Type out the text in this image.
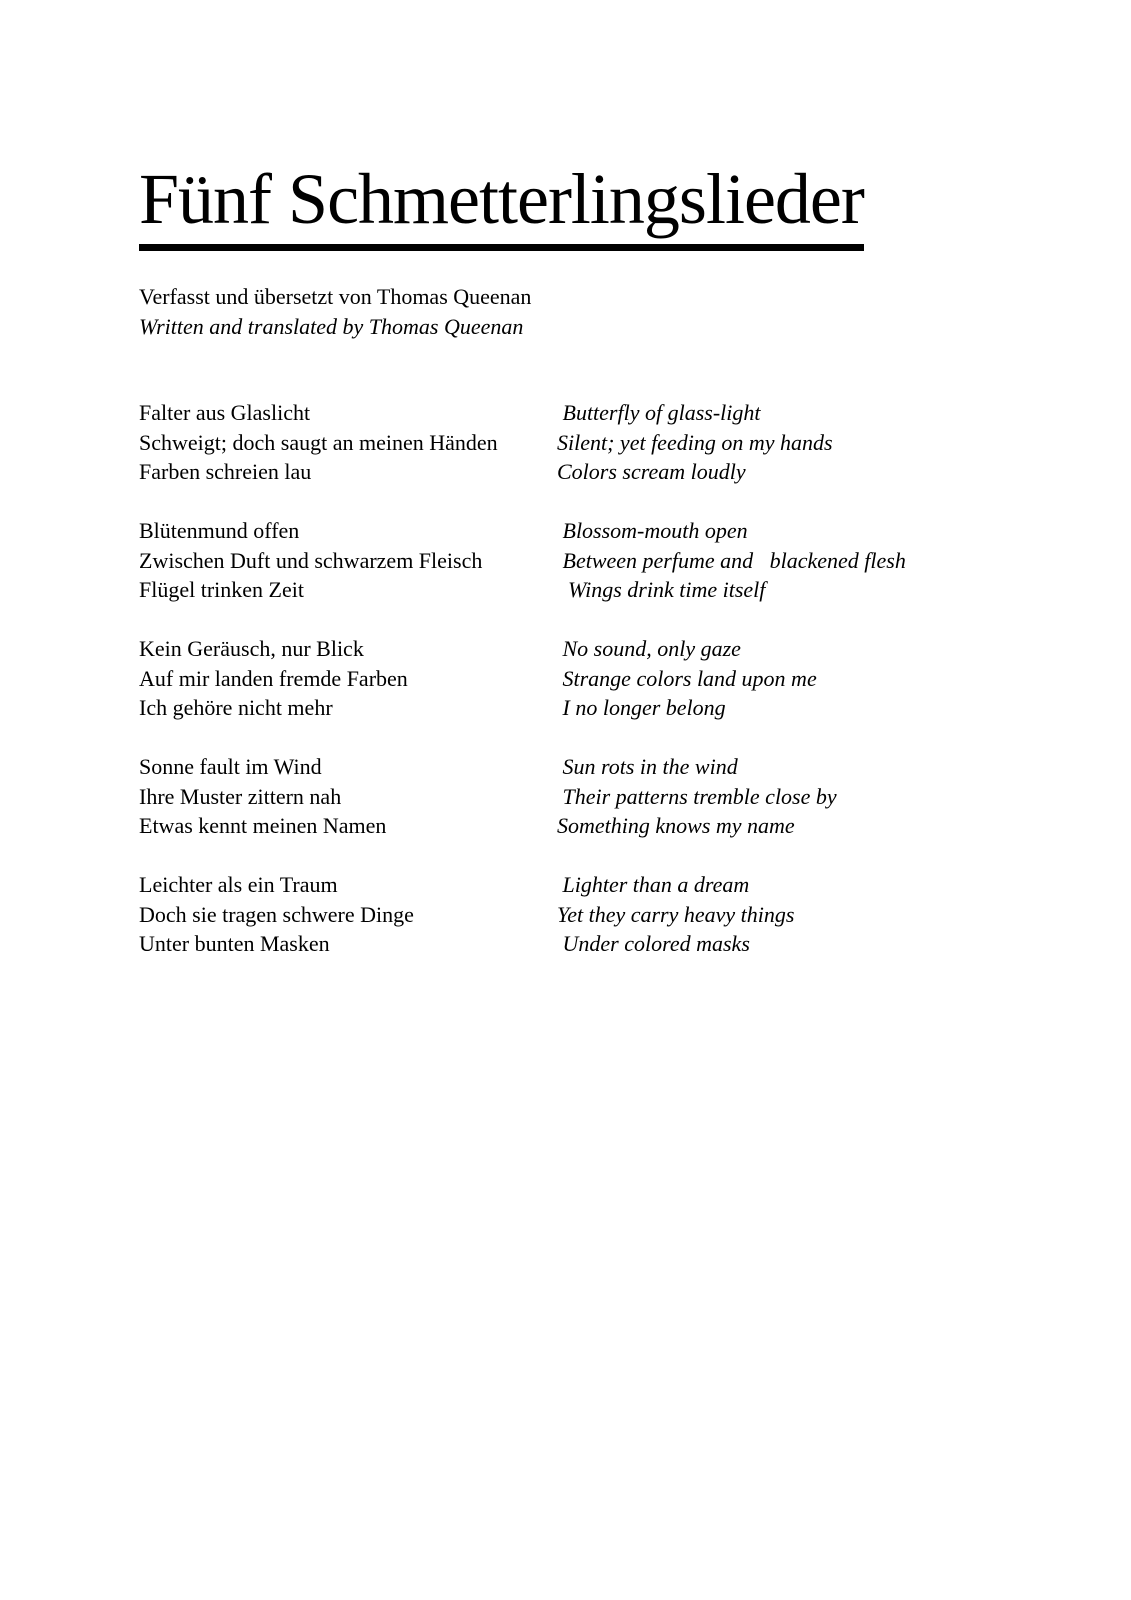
Fünf Schmetterlingslieder
Verfasst und übersetzt von Thomas Queenan
Written and translated by Thomas Queenan
Falter aus Glaslicht
Schweigt; doch saugt an meinen Händen
Farben schreien lau
Butterfly of glass-light
Silent; yet feeding on my hands
Colors scream loudly
Blütenmund offen
Zwischen Duft und schwarzem Fleisch
Flügel trinken Zeit
Blossom-mouth open
Between perfume and   blackened flesh
Wings drink time itself
Kein Geräusch, nur Blick
Auf mir landen fremde Farben
Ich gehöre nicht mehr
No sound, only gaze
Strange colors land upon me
I no longer belong
Sonne fault im Wind
Ihre Muster zittern nah
Etwas kennt meinen Namen
Sun rots in the wind
Their patterns tremble close by
Something knows my name
Leichter als ein Traum
Doch sie tragen schwere Dinge
Unter bunten Masken
Lighter than a dream
Yet they carry heavy things
Under colored masks
